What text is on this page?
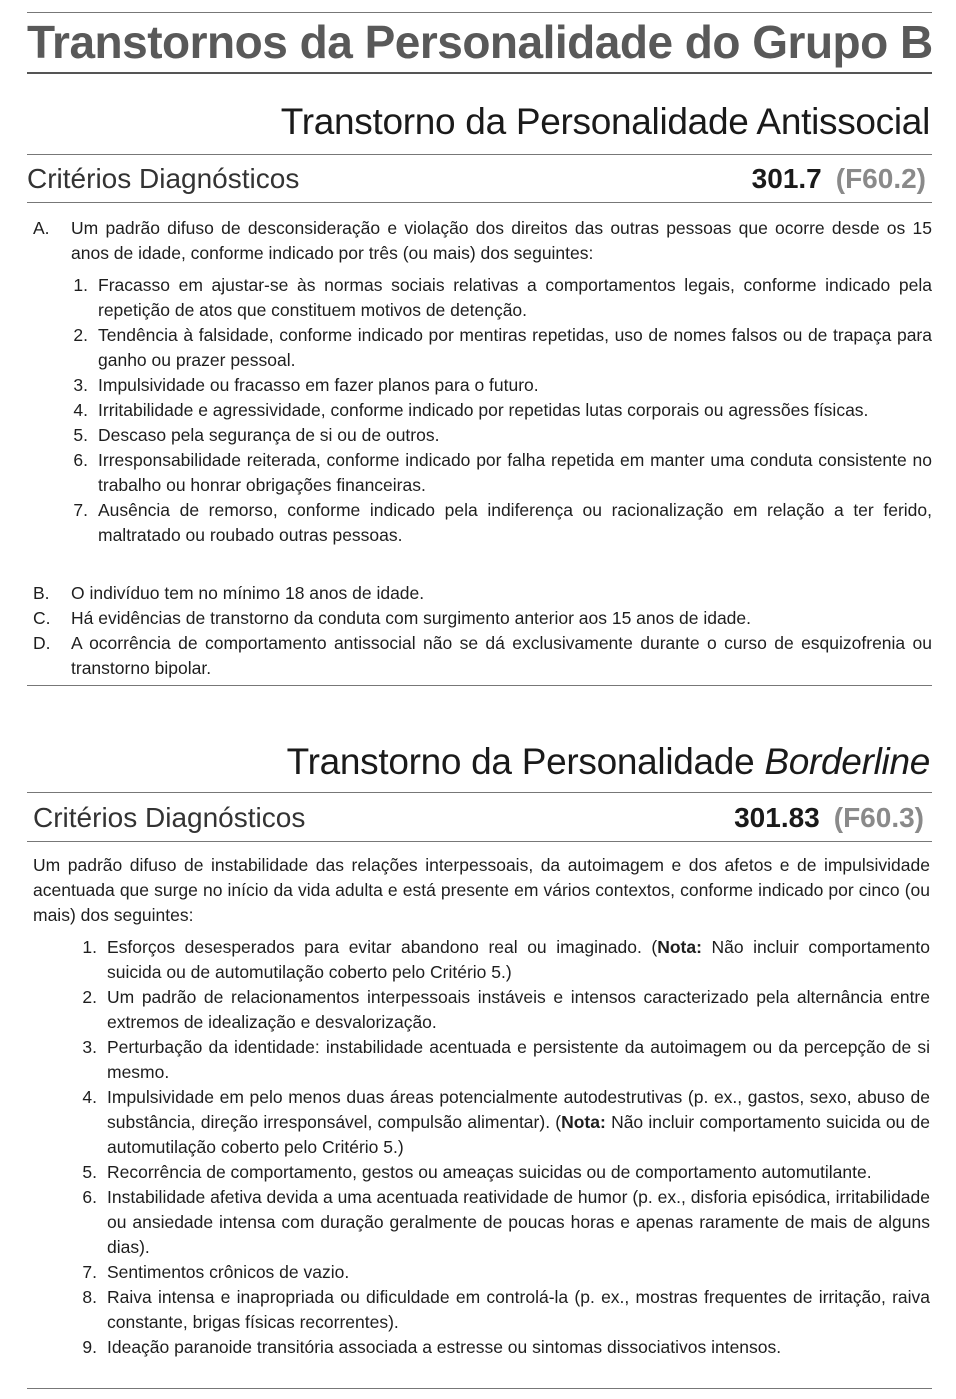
Transtornos da Personalidade do Grupo B
Transtorno da Personalidade Antissocial
Critérios Diagnósticos	301.7 (F60.2)
A. Um padrão difuso de desconsideração e violação dos direitos das outras pessoas que ocorre desde os 15 anos de idade, conforme indicado por três (ou mais) dos seguintes:
1. Fracasso em ajustar-se às normas sociais relativas a comportamentos legais, conforme indicado pela repetição de atos que constituem motivos de detenção.
2. Tendência à falsidade, conforme indicado por mentiras repetidas, uso de nomes falsos ou de trapaça para ganho ou prazer pessoal.
3. Impulsividade ou fracasso em fazer planos para o futuro.
4. Irritabilidade e agressividade, conforme indicado por repetidas lutas corporais ou agressões físicas.
5. Descaso pela segurança de si ou de outros.
6. Irresponsabilidade reiterada, conforme indicado por falha repetida em manter uma conduta consistente no trabalho ou honrar obrigações financeiras.
7. Ausência de remorso, conforme indicado pela indiferença ou racionalização em relação a ter ferido, maltratado ou roubado outras pessoas.
B. O indivíduo tem no mínimo 18 anos de idade.
C. Há evidências de transtorno da conduta com surgimento anterior aos 15 anos de idade.
D. A ocorrência de comportamento antissocial não se dá exclusivamente durante o curso de esquizofrenia ou transtorno bipolar.
Transtorno da Personalidade Borderline
Critérios Diagnósticos	301.83 (F60.3)

Um padrão difuso de instabilidade das relações interpessoais, da autoimagem e dos afetos e de impulsividade acentuada que surge no início da vida adulta e está presente em vários contextos, conforme indicado por cinco (ou mais) dos seguintes:

1. Esforços desesperados para evitar abandono real ou imaginado. (Nota: Não incluir comportamento suicida ou de automutilação coberto pelo Critério 5.)
2. Um padrão de relacionamentos interpessoais instáveis e intensos caracterizado pela alternância entre extremos de idealização e desvalorização.
3. Perturbação da identidade: instabilidade acentuada e persistente da autoimagem ou da percepção de si mesmo.
4. Impulsividade em pelo menos duas áreas potencialmente autodestrutivas (p. ex., gastos, sexo, abuso de substância, direção irresponsável, compulsão alimentar). (Nota: Não incluir comportamento suicida ou de automutilação coberto pelo Critério 5.)
5. Recorrência de comportamento, gestos ou ameaças suicidas ou de comportamento automutilante.
6. Instabilidade afetiva devida a uma acentuada reatividade de humor (p. ex., disforia episódica, irritabilidade ou ansiedade intensa com duração geralmente de poucas horas e apenas raramente de mais de alguns dias).
7. Sentimentos crônicos de vazio.
8. Raiva intensa e inapropriada ou dificuldade em controlá-la (p. ex., mostras frequentes de irritação, raiva constante, brigas físicas recorrentes).
9. Ideação paranoide transitória associada a estresse ou sintomas dissociativos intensos.
